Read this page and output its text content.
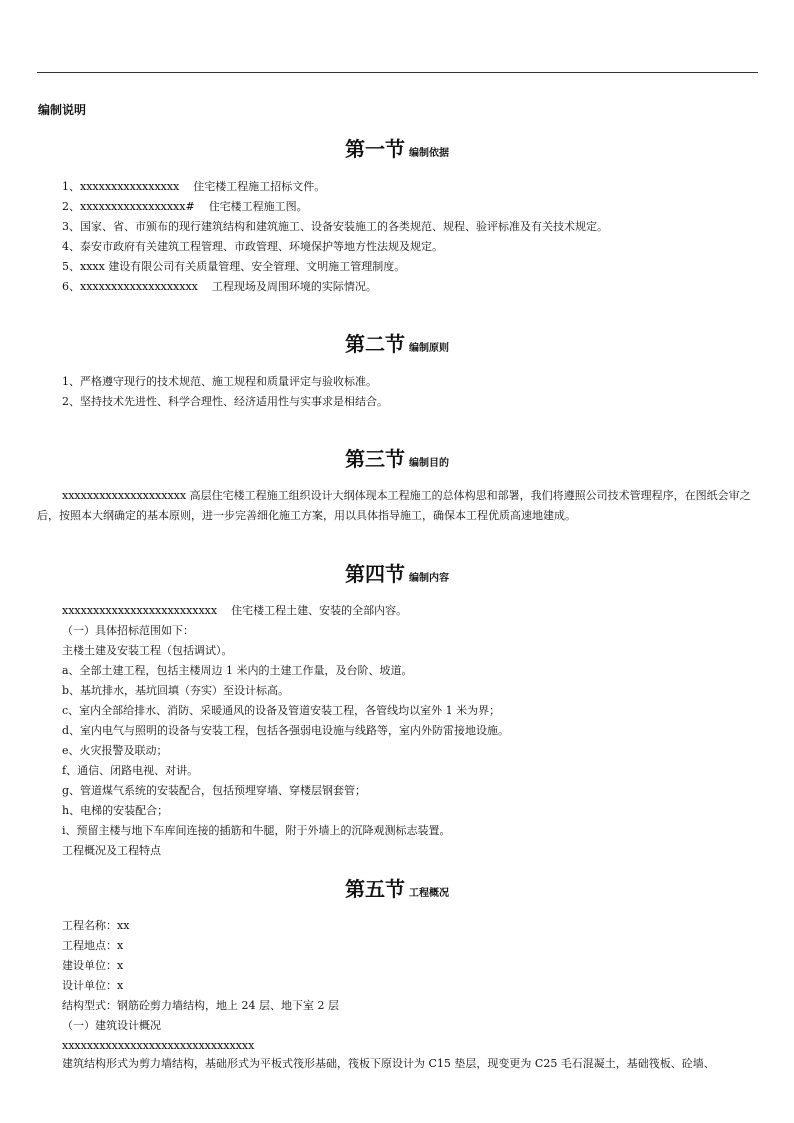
编制说明
第一节 编制依据
1、xxxxxxxxxxxxxxxx 住宅楼工程施工招标文件。
2、xxxxxxxxxxxxxxxxx# 住宅楼工程施工图。
3、国家、省、市颁布的现行建筑结构和建筑施工、设备安装施工的各类规范、规程、验评标准及有关技术规定。
4、泰安市政府有关建筑工程管理、市政管理、环境保护等地方性法规及规定。
5、xxxx 建设有限公司有关质量管理、安全管理、文明施工管理制度。
6、xxxxxxxxxxxxxxxxxxx 工程现场及周围环境的实际情况。
第二节 编制原则
1、严格遵守现行的技术规范、施工规程和质量评定与验收标准。
2、坚持技术先进性、科学合理性、经济适用性与实事求是相结合。
第三节 编制目的
xxxxxxxxxxxxxxxxxxxx 高层住宅楼工程施工组织设计大纲体现本工程施工的总体构思和部署，我们将遵照公司技术管理程序，在图纸会审之后，按照本大纲确定的基本原则，进一步完善细化施工方案，用以具体指导施工，确保本工程优质高速地建成。
第四节 编制内容
xxxxxxxxxxxxxxxxxxxxxxxxx 住宅楼工程土建、安装的全部内容。
（一）具体招标范围如下：
主楼土建及安装工程（包括调试）。
a、全部土建工程，包括主楼周边 1 米内的土建工作量，及台阶、坡道。
b、基坑排水，基坑回填（夯实）至设计标高。
c、室内全部给排水、消防、采暖通风的设备及管道安装工程，各管线均以室外 1 米为界；
d、室内电气与照明的设备与安装工程，包括各强弱电设施与线路等，室内外防雷接地设施。
e、火灾报警及联动；
f、通信、闭路电视、对讲。
g、管道煤气系统的安装配合，包括预埋穿墙、穿楼层钢套管；
h、电梯的安装配合；
i、预留主楼与地下车库间连接的插筋和牛腿，附于外墙上的沉降观测标志装置。
工程概况及工程特点
第五节 工程概况
工程名称：xx
工程地点：x
建设单位：x
设计单位：x
结构型式：钢筋砼剪力墙结构，地上 24 层、地下室 2 层
（一）建筑设计概况
xxxxxxxxxxxxxxxxxxxxxxxxxxxxxxx
建筑结构形式为剪力墙结构，基础形式为平板式筏形基础，筏板下原设计为 C15 垫层，现变更为 C25 毛石混凝土，基础筏板、砼墙、
